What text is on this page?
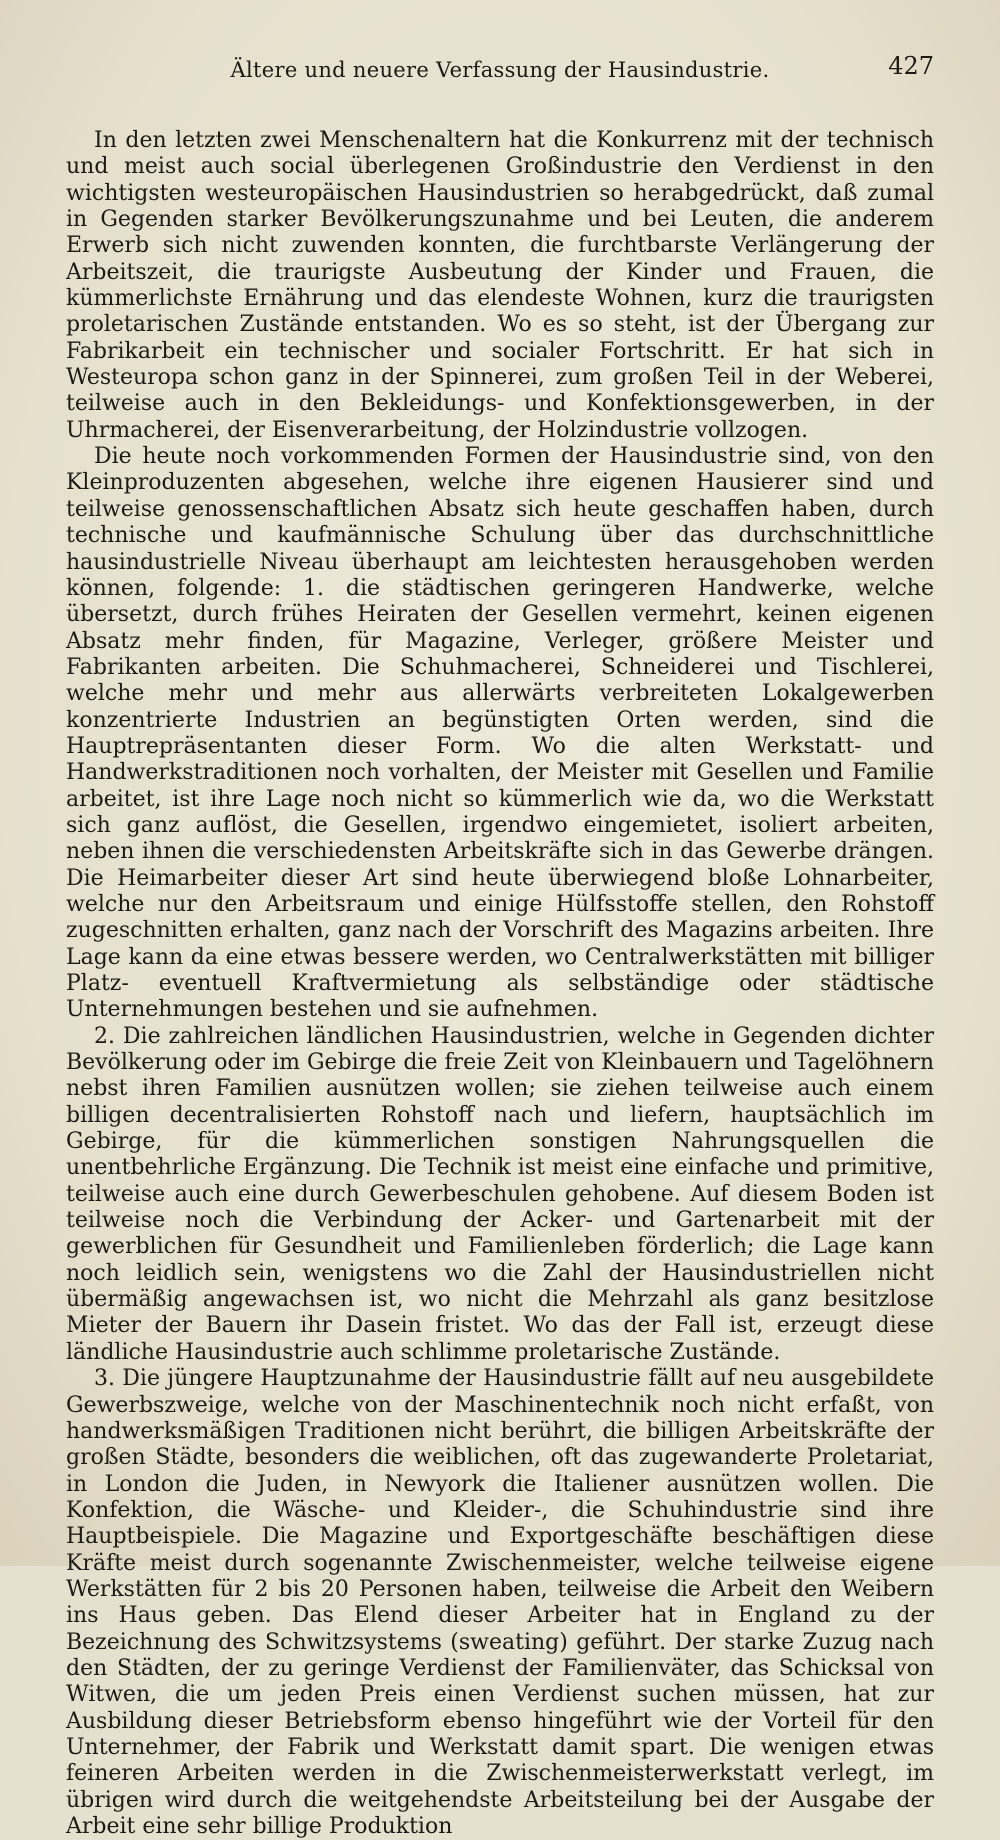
Ältere und neuere Verfassung der Hausindustrie.	427

In den letzten zwei Menschenaltern hat die Konkurrenz mit der technisch und meist auch social überlegenen Großindustrie den Verdienst in den wichtigsten westeuropäischen Hausindustrien so herabgedrückt, daß zumal in Gegenden starker Bevölkerungszunahme und bei Leuten, die anderem Erwerb sich nicht zuwenden konnten, die furchtbarste Verlängerung der Arbeitszeit, die traurigste Ausbeutung der Kinder und Frauen, die kümmerlichste Ernährung und das elendeste Wohnen, kurz die traurigsten proletarischen Zustände entstanden. Wo es so steht, ist der Übergang zur Fabrikarbeit ein technischer und socialer Fortschritt. Er hat sich in Westeuropa schon ganz in der Spinnerei, zum großen Teil in der Weberei, teilweise auch in den Bekleidungs- und Konfektionsgewerben, in der Uhrmacherei, der Eisenverarbeitung, der Holzindustrie vollzogen.

Die heute noch vorkommenden Formen der Hausindustrie sind, von den Kleinproduzenten abgesehen, welche ihre eigenen Hausierer sind und teilweise genossenschaftlichen Absatz sich heute geschaffen haben, durch technische und kaufmännische Schulung über das durchschnittliche hausindustrielle Niveau überhaupt am leichtesten herausgehoben werden können, folgende: 1. die städtischen geringeren Handwerke, welche übersetzt, durch frühes Heiraten der Gesellen vermehrt, keinen eigenen Absatz mehr finden, für Magazine, Verleger, größere Meister und Fabrikanten arbeiten. Die Schuhmacherei, Schneiderei und Tischlerei, welche mehr und mehr aus allerwärts verbreiteten Lokalgewerben konzentrierte Industrien an begünstigten Orten werden, sind die Hauptrepräsentanten dieser Form. Wo die alten Werkstatt- und Handwerkstraditionen noch vorhalten, der Meister mit Gesellen und Familie arbeitet, ist ihre Lage noch nicht so kümmerlich wie da, wo die Werkstatt sich ganz auflöst, die Gesellen, irgendwo eingemietet, isoliert arbeiten, neben ihnen die verschiedensten Arbeitskräfte sich in das Gewerbe drängen. Die Heimarbeiter dieser Art sind heute überwiegend bloße Lohnarbeiter, welche nur den Arbeitsraum und einige Hülfsstoffe stellen, den Rohstoff zugeschnitten erhalten, ganz nach der Vorschrift des Magazins arbeiten. Ihre Lage kann da eine etwas bessere werden, wo Centralwerkstätten mit billiger Platz- eventuell Kraftvermietung als selbständige oder städtische Unternehmungen bestehen und sie aufnehmen.

2. Die zahlreichen ländlichen Hausindustrien, welche in Gegenden dichter Bevölkerung oder im Gebirge die freie Zeit von Kleinbauern und Tagelöhnern nebst ihren Familien ausnützen wollen; sie ziehen teilweise auch einem billigen decentralisierten Rohstoff nach und liefern, hauptsächlich im Gebirge, für die kümmerlichen sonstigen Nahrungsquellen die unentbehrliche Ergänzung. Die Technik ist meist eine einfache und primitive, teilweise auch eine durch Gewerbeschulen gehobene. Auf diesem Boden ist teilweise noch die Verbindung der Acker- und Gartenarbeit mit der gewerblichen für Gesundheit und Familienleben förderlich; die Lage kann noch leidlich sein, wenigstens wo die Zahl der Hausindustriellen nicht übermäßig angewachsen ist, wo nicht die Mehrzahl als ganz besitzlose Mieter der Bauern ihr Dasein fristet. Wo das der Fall ist, erzeugt diese ländliche Hausindustrie auch schlimme proletarische Zustände.

3. Die jüngere Hauptzunahme der Hausindustrie fällt auf neu ausgebildete Gewerbszweige, welche von der Maschinentechnik noch nicht erfaßt, von handwerksmäßigen Traditionen nicht berührt, die billigen Arbeitskräfte der großen Städte, besonders die weiblichen, oft das zugewanderte Proletariat, in London die Juden, in Newyork die Italiener ausnützen wollen. Die Konfektion, die Wäsche- und Kleider-, die Schuhindustrie sind ihre Hauptbeispiele. Die Magazine und Exportgeschäfte beschäftigen diese Kräfte meist durch sogenannte Zwischenmeister, welche teilweise eigene Werkstätten für 2 bis 20 Personen haben, teilweise die Arbeit den Weibern ins Haus geben. Das Elend dieser Arbeiter hat in England zu der Bezeichnung des Schwitzsystems (sweating) geführt. Der starke Zuzug nach den Städten, der zu geringe Verdienst der Familienväter, das Schicksal von Witwen, die um jeden Preis einen Verdienst suchen müssen, hat zur Ausbildung dieser Betriebsform ebenso hingeführt wie der Vorteil für den Unternehmer, der Fabrik und Werkstatt damit spart. Die wenigen etwas feineren Arbeiten werden in die Zwischenmeisterwerkstatt verlegt, im übrigen wird durch die weitgehendste Arbeitsteilung bei der Ausgabe der Arbeit eine sehr billige Produktion
